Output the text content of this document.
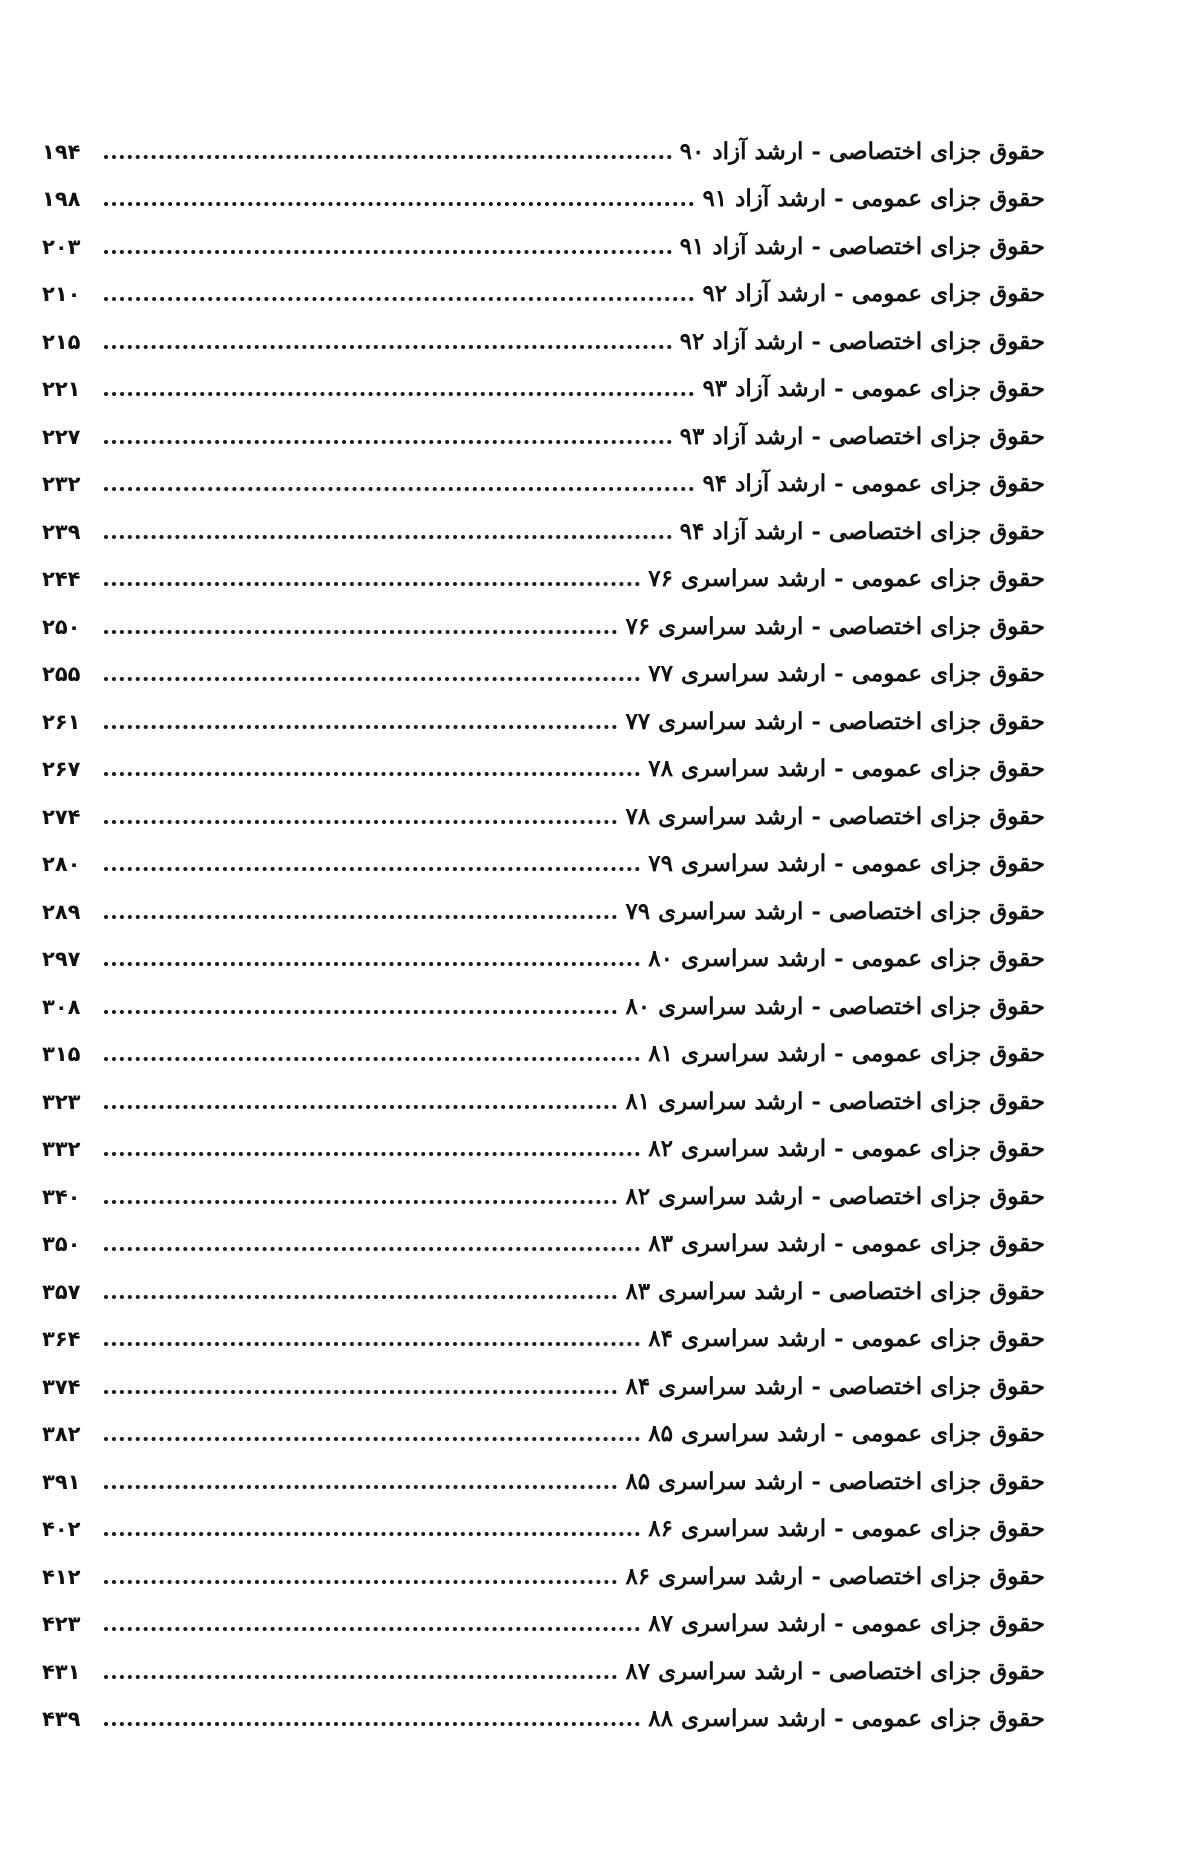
حقوق جزای اختصاصی - ارشد آزاد ۹۰
۱۹۴
حقوق جزای عمومی - ارشد آزاد ۹۱
۱۹۸
حقوق جزای اختصاصی - ارشد آزاد ۹۱
۲۰۳
حقوق جزای عمومی - ارشد آزاد ۹۲
۲۱۰
حقوق جزای اختصاصی - ارشد آزاد ۹۲
۲۱۵
حقوق جزای عمومی - ارشد آزاد ۹۳
۲۲۱
حقوق جزای اختصاصی - ارشد آزاد ۹۳
۲۲۷
حقوق جزای عمومی - ارشد آزاد ۹۴
۲۳۲
حقوق جزای اختصاصی - ارشد آزاد ۹۴
۲۳۹
حقوق جزای عمومی - ارشد سراسری ۷۶
۲۴۴
حقوق جزای اختصاصی - ارشد سراسری ۷۶
۲۵۰
حقوق جزای عمومی - ارشد سراسری ۷۷
۲۵۵
حقوق جزای اختصاصی - ارشد سراسری ۷۷
۲۶۱
حقوق جزای عمومی - ارشد سراسری ۷۸
۲۶۷
حقوق جزای اختصاصی - ارشد سراسری ۷۸
۲۷۴
حقوق جزای عمومی - ارشد سراسری ۷۹
۲۸۰
حقوق جزای اختصاصی - ارشد سراسری ۷۹
۲۸۹
حقوق جزای عمومی - ارشد سراسری ۸۰
۲۹۷
حقوق جزای اختصاصی - ارشد سراسری ۸۰
۳۰۸
حقوق جزای عمومی - ارشد سراسری ۸۱
۳۱۵
حقوق جزای اختصاصی - ارشد سراسری ۸۱
۳۲۳
حقوق جزای عمومی - ارشد سراسری ۸۲
۳۳۲
حقوق جزای اختصاصی - ارشد سراسری ۸۲
۳۴۰
حقوق جزای عمومی - ارشد سراسری ۸۳
۳۵۰
حقوق جزای اختصاصی - ارشد سراسری ۸۳
۳۵۷
حقوق جزای عمومی - ارشد سراسری ۸۴
۳۶۴
حقوق جزای اختصاصی - ارشد سراسری ۸۴
۳۷۴
حقوق جزای عمومی - ارشد سراسری ۸۵
۳۸۲
حقوق جزای اختصاصی - ارشد سراسری ۸۵
۳۹۱
حقوق جزای عمومی - ارشد سراسری ۸۶
۴۰۲
حقوق جزای اختصاصی - ارشد سراسری ۸۶
۴۱۲
حقوق جزای عمومی - ارشد سراسری ۸۷
۴۲۳
حقوق جزای اختصاصی - ارشد سراسری ۸۷
۴۳۱
حقوق جزای عمومی - ارشد سراسری ۸۸
۴۳۹
